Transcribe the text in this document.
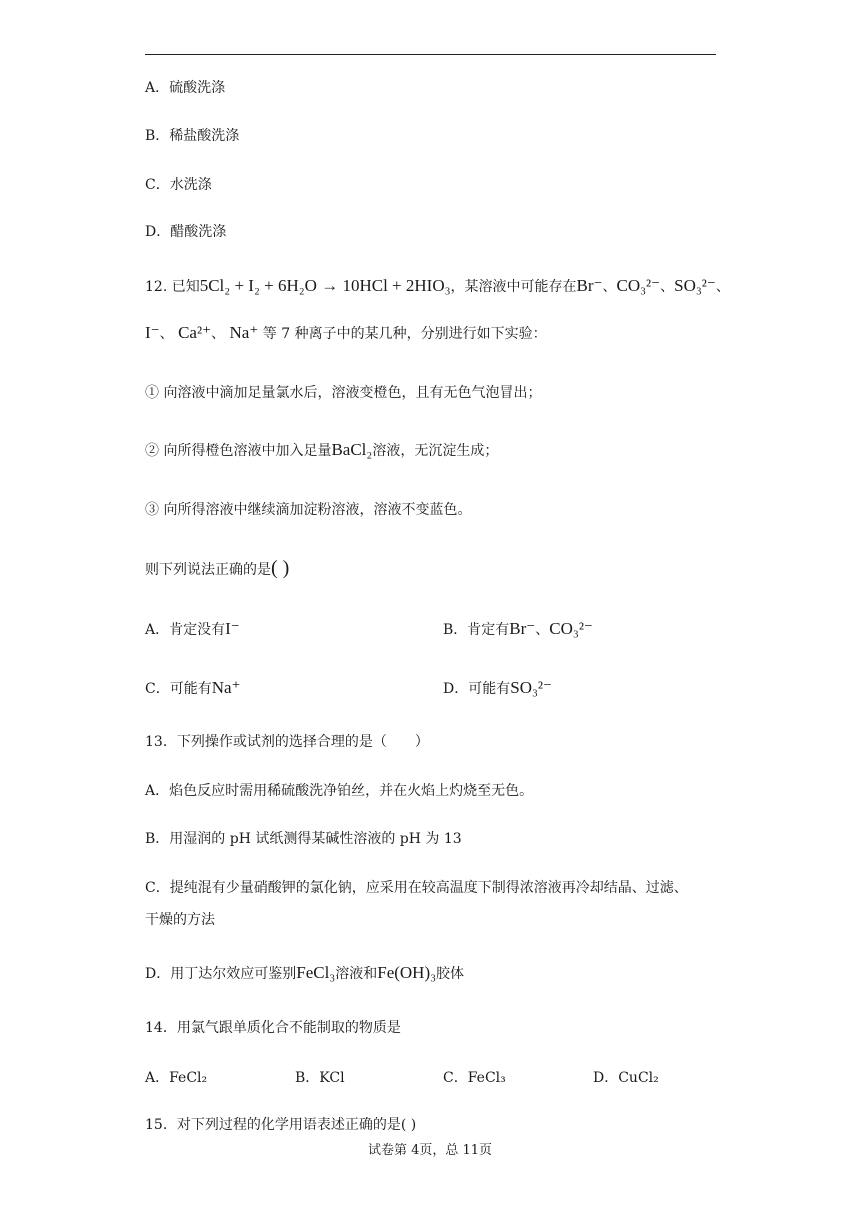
A．硫酸洗涤
B．稀盐酸洗涤
C．水洗涤
D．醋酸洗涤
12. 已知5Cl₂ + I₂ + 6H₂O → 10HCl + 2HIO₃，某溶液中可能存在Br⁻、CO₃²⁻、SO₃²⁻、
I⁻、 Ca²⁺、 Na⁺ 等 7 种离子中的某几种，分别进行如下实验：
① 向溶液中滴加足量氯水后，溶液变橙色，且有无色气泡冒出；
② 向所得橙色溶液中加入足量BaCl₂溶液，无沉淀生成；
③ 向所得溶液中继续滴加淀粉溶液，溶液不变蓝色。
则下列说法正确的是( )
A．肯定没有I⁻	B．肯定有Br⁻、CO₃²⁻
C．可能有Na⁺	D．可能有SO₃²⁻
13．下列操作或试剂的选择合理的是（　　）
A．焰色反应时需用稀硫酸洗净铂丝，并在火焰上灼烧至无色。
B．用湿润的 pH 试纸测得某碱性溶液的 pH 为 13
C．提纯混有少量硝酸钾的氯化钠，应采用在较高温度下制得浓溶液再冷却结晶、过滤、
干燥的方法
D．用丁达尔效应可鉴别FeCl₃溶液和Fe(OH)₃胶体
14．用氯气跟单质化合不能制取的物质是
A．FeCl₂	B．KCl	C．FeCl₃	D．CuCl₂
15．对下列过程的化学用语表述正确的是( )
试卷第 4页，总 11页
